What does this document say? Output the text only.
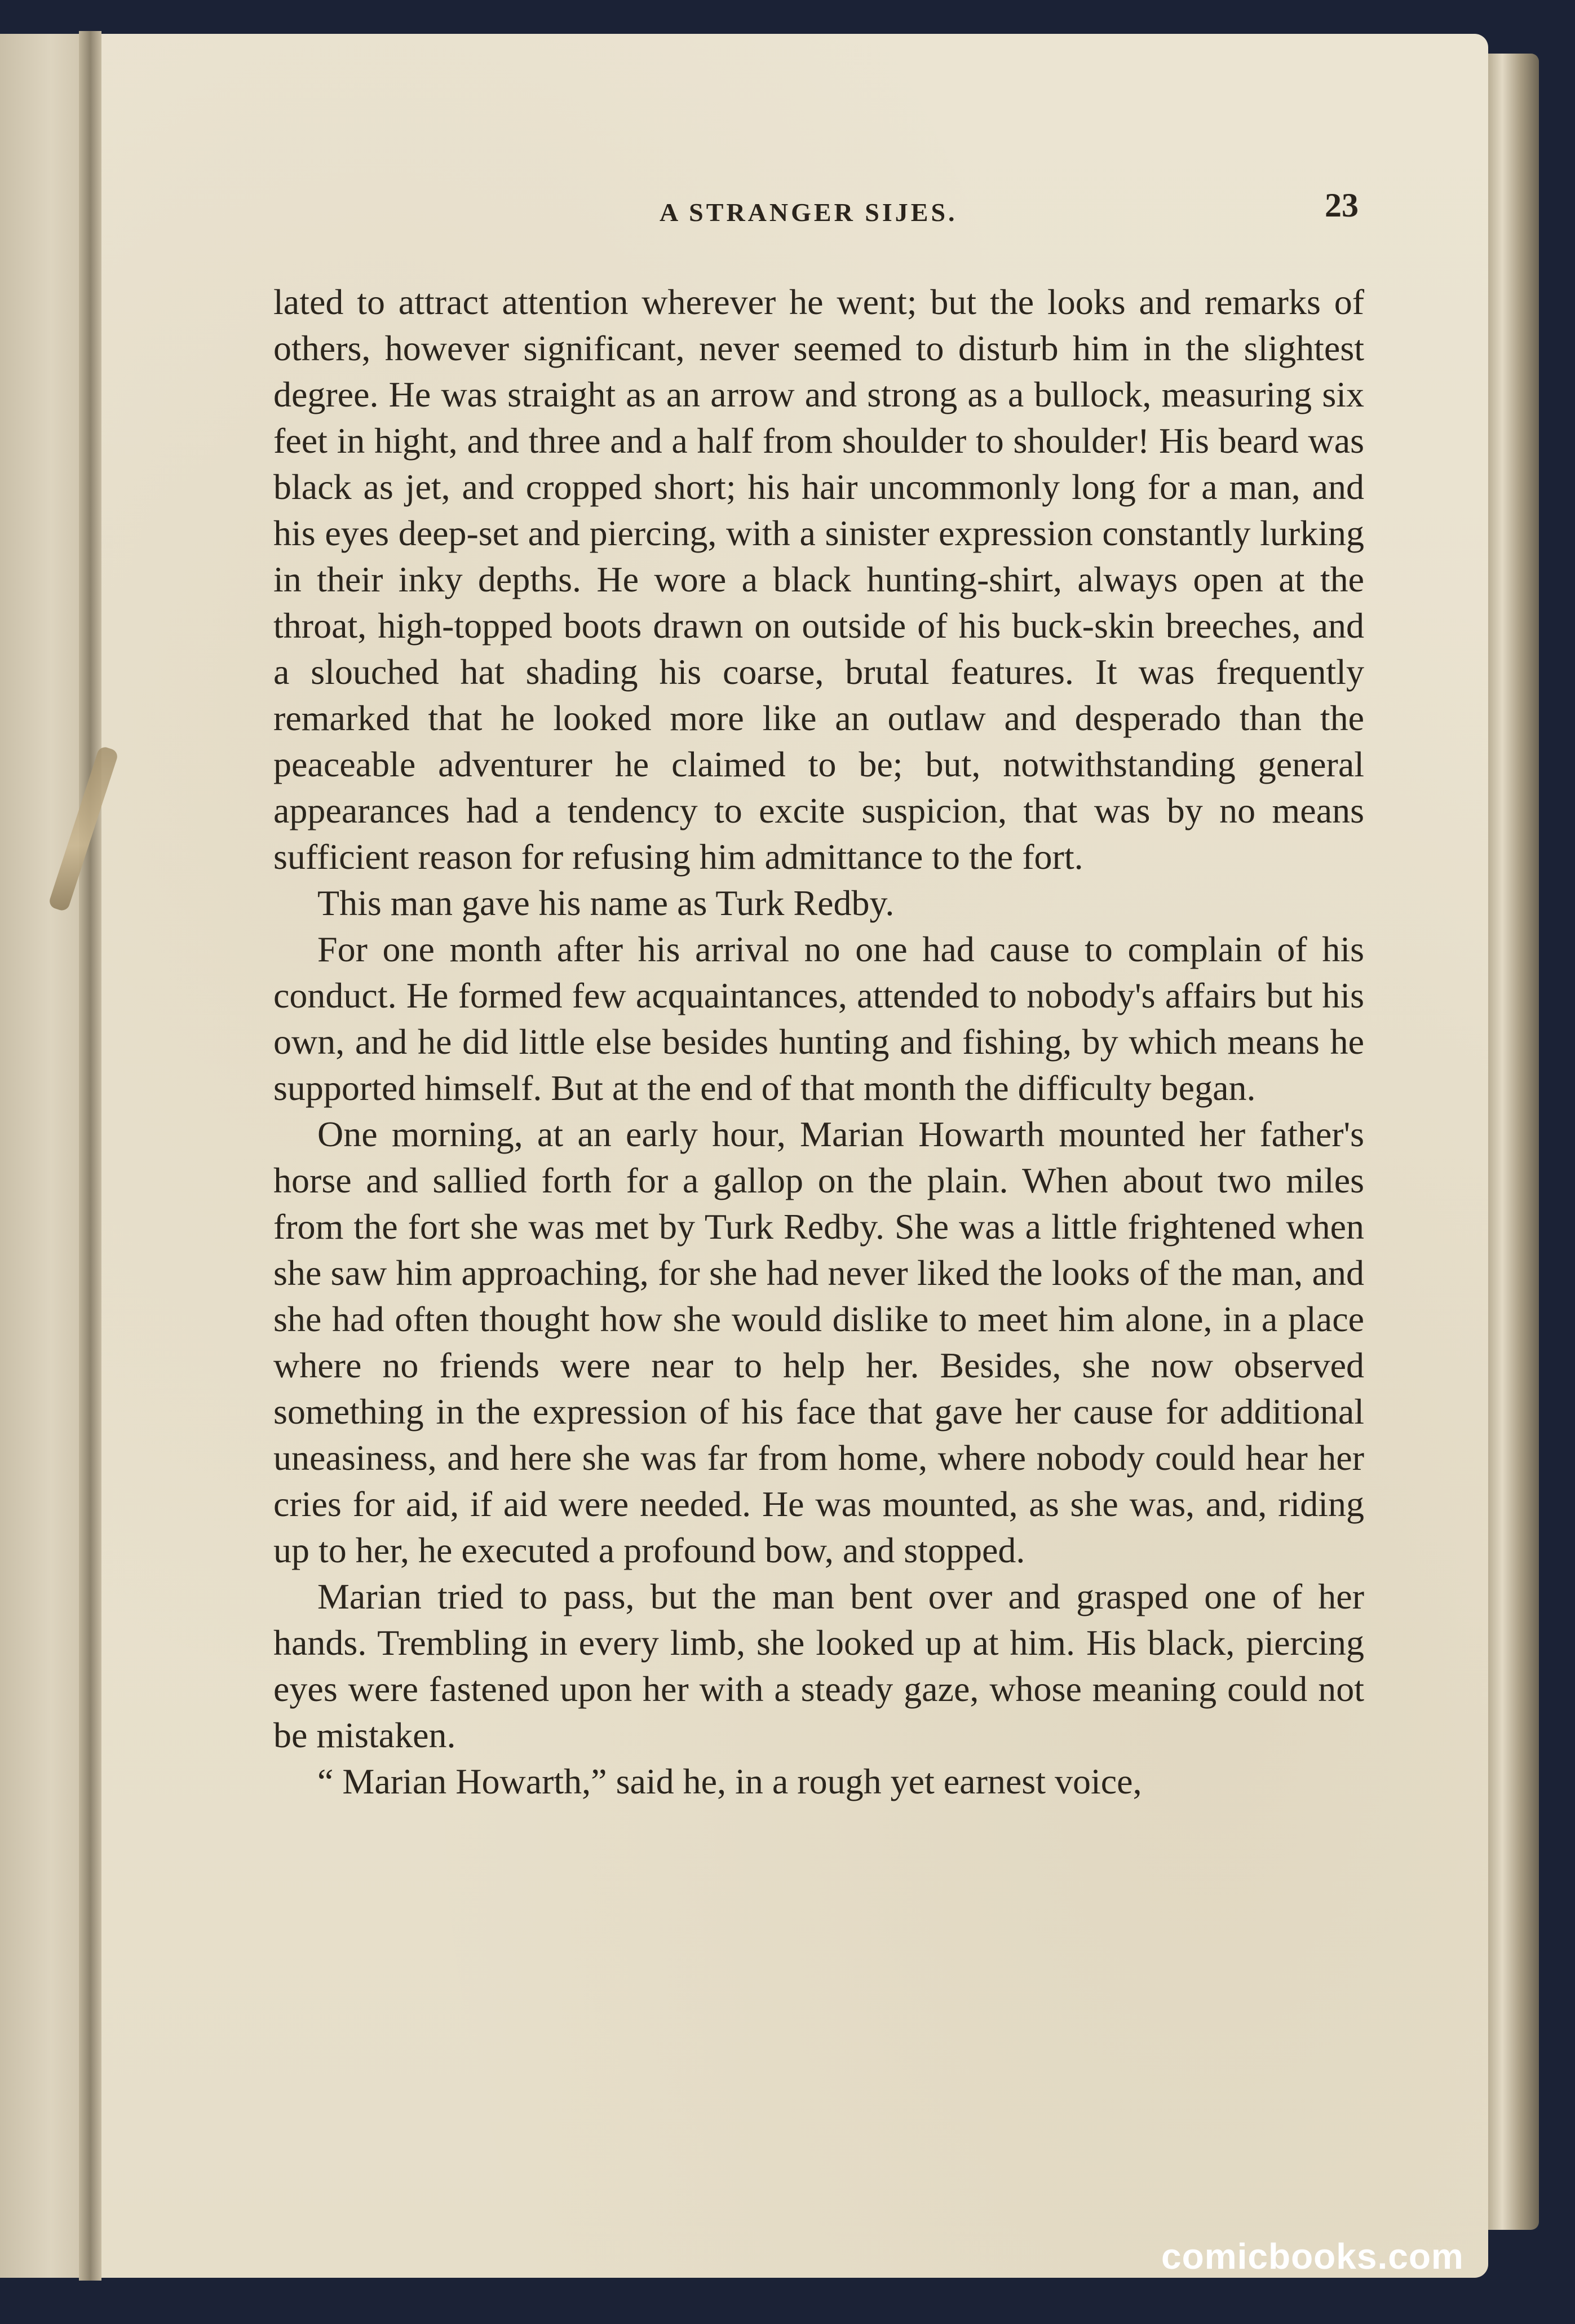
A STRANGER SIJES.	23

lated to attract attention wherever he went; but the looks and remarks of others, however significant, never seemed to disturb him in the slightest degree. He was straight as an arrow and strong as a bullock, measuring six feet in hight, and three and a half from shoulder to shoulder! His beard was black as jet, and cropped short; his hair uncommonly long for a man, and his eyes deep-set and piercing, with a sinister expression constantly lurking in their inky depths. He wore a black hunting-shirt, always open at the throat, high-topped boots drawn on outside of his buck-skin breeches, and a slouched hat shading his coarse, brutal features. It was frequently remarked that he looked more like an outlaw and desperado than the peaceable adventurer he claimed to be; but, notwithstanding general appearances had a tendency to excite suspicion, that was by no means sufficient reason for refusing him admittance to the fort.

This man gave his name as Turk Redby.

For one month after his arrival no one had cause to complain of his conduct. He formed few acquaintances, attended to nobody's affairs but his own, and he did little else besides hunting and fishing, by which means he supported himself. But at the end of that month the difficulty began.

One morning, at an early hour, Marian Howarth mounted her father's horse and sallied forth for a gallop on the plain. When about two miles from the fort she was met by Turk Redby. She was a little frightened when she saw him approaching, for she had never liked the looks of the man, and she had often thought how she would dislike to meet him alone, in a place where no friends were near to help her. Besides, she now observed something in the expression of his face that gave her cause for additional uneasiness, and here she was far from home, where nobody could hear her cries for aid, if aid were needed. He was mounted, as she was, and, riding up to her, he executed a profound bow, and stopped.

Marian tried to pass, but the man bent over and grasped one of her hands. Trembling in every limb, she looked up at him. His black, piercing eyes were fastened upon her with a steady gaze, whose meaning could not be mistaken.

“ Marian Howarth,” said he, in a rough yet earnest voice,

comicbooks.com
